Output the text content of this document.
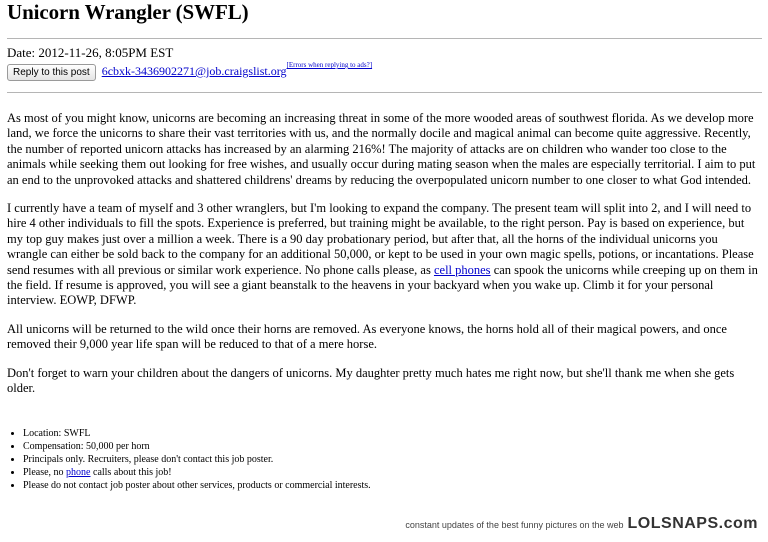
Unicorn Wrangler (SWFL)
Date: 2012-11-26, 8:05PM EST
Reply to this post $^{6cbxk-3436902271@job.craigslist.org[Errors when replying to ads?]}$

As most of you might know, unicorns are becoming an increasing threat in some of the more wooded areas of southwest florida. As we develop more land, we force the unicorns to share their vast territories with us, and the normally docile and magical animal can become quite aggressive. Recently, the number of reported unicorn attacks has increased by an alarming 216%! The majority of attacks are on children who wander too close to the animals while seeking them out looking for free wishes, and usually occur during mating season when the males are especially territorial. I aim to put an end to the unprovoked attacks and shattered childrens' dreams by reducing the overpopulated unicorn number to one closer to what God intended.

I currently have a team of myself and 3 other wranglers, but I'm looking to expand the company. The present team will split into 2, and I will need to hire 4 other individuals to fill the spots. Experience is preferred, but training might be available, to the right person. Pay is based on experience, but my top guy makes just over a million a week. There is a 90 day probationary period, but after that, all the horns of the individual unicorns you wrangle can either be sold back to the company for an additional 50,000, or kept to be used in your own magic spells, potions, or incantations. Please send resumes with all previous or similar work experience. No phone calls please, as cell phones can spook the unicorns while creeping up on them in the field. If resume is approved, you will see a giant beanstalk to the heavens in your backyard when you wake up. Climb it for your personal interview. EOWP, DFWP.

All unicorns will be returned to the wild once their horns are removed. As everyone knows, the horns hold all of their magical powers, and once removed their 9,000 year life span will be reduced to that of a mere horse.

Don't forget to warn your children about the dangers of unicorns. My daughter pretty much hates me right now, but she'll thank me when she gets older.

• Location: SWFL
• Compensation: 50,000 per horn
• Principals only. Recruiters, please don't contact this job poster.
• Please, no phone calls about this job!
• Please do not contact job poster about other services, products or commercial interests.
constant updates of the best funny pictures on the web LOLSNAPS.com
